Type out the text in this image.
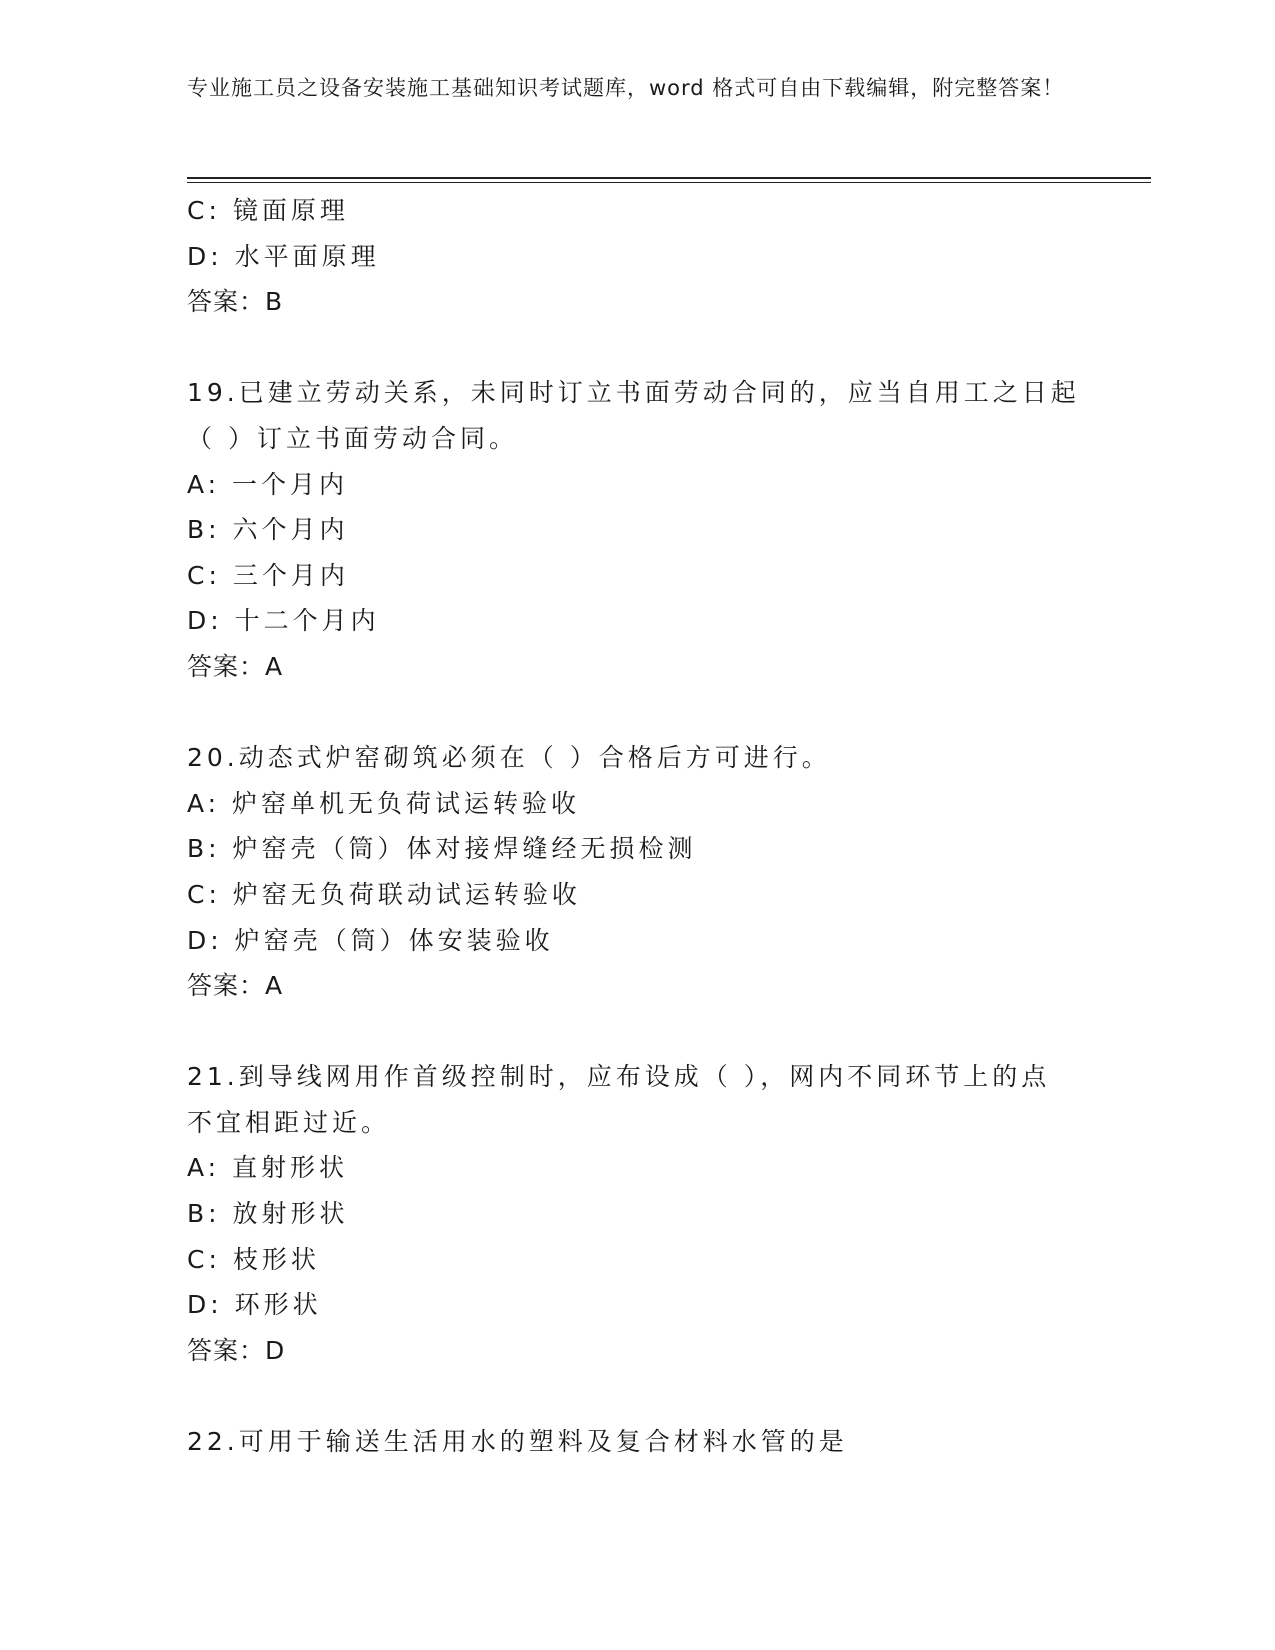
专业施工员之设备安装施工基础知识考试题库，word 格式可自由下载编辑，附完整答案！
C: 镜面原理
D: 水平面原理
答案：B
19.已建立劳动关系，未同时订立书面劳动合同的，应当自用工之日起
（ ）订立书面劳动合同。
A: 一个月内
B: 六个月内
C: 三个月内
D: 十二个月内
答案：A
20.动态式炉窑砌筑必须在（ ）合格后方可进行。
A: 炉窑单机无负荷试运转验收
B: 炉窑壳（筒）体对接焊缝经无损检测
C: 炉窑无负荷联动试运转验收
D: 炉窑壳（筒）体安装验收
答案：A
21.到导线网用作首级控制时，应布设成（ ），网内不同环节上的点
不宜相距过近。
A: 直射形状
B: 放射形状
C: 枝形状
D: 环形状
答案：D
22.可用于输送生活用水的塑料及复合材料水管的是
